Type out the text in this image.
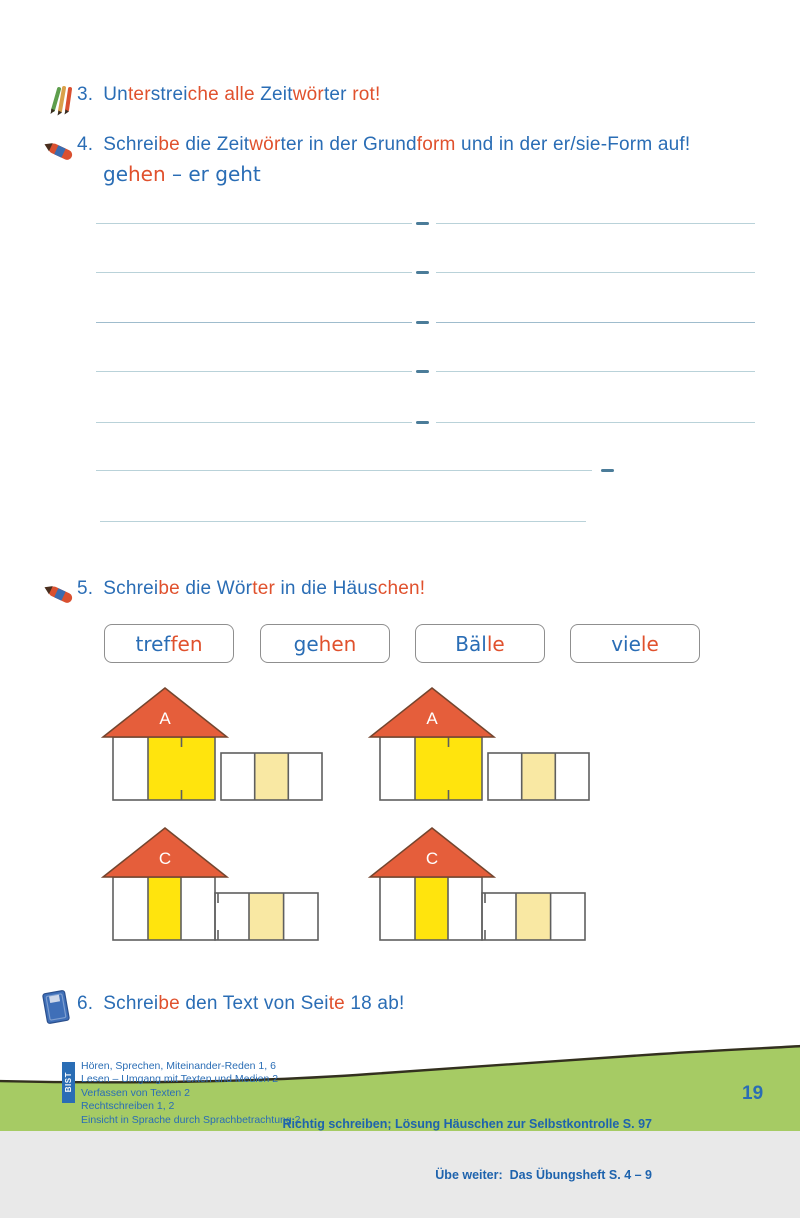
3. Unterstreiche alle Zeitwörter rot!
4. Schreibe die Zeitwörter in der Grundform und in der er/sie-Form auf!
gehen – er geht
5. Schreibe die Wörter in die Häuschen!
tref fen	ge hen	Bäl le	vie le
A	A
C	C
6. Schreibe den Text von Seite 18 ab!
BIST
Hören, Sprechen, Miteinander-Reden 1, 6
Lesen – Umgang mit Texten und Medien 2
Verfassen von Texten 2
Rechtschreiben 1, 2
Einsicht in Sprache durch Sprachbetrachtung 2

Richtig schreiben; Lösung Häuschen zur Selbstkontrolle S. 97

Übe weiter:  Das Übungsheft S. 4 – 9

19
